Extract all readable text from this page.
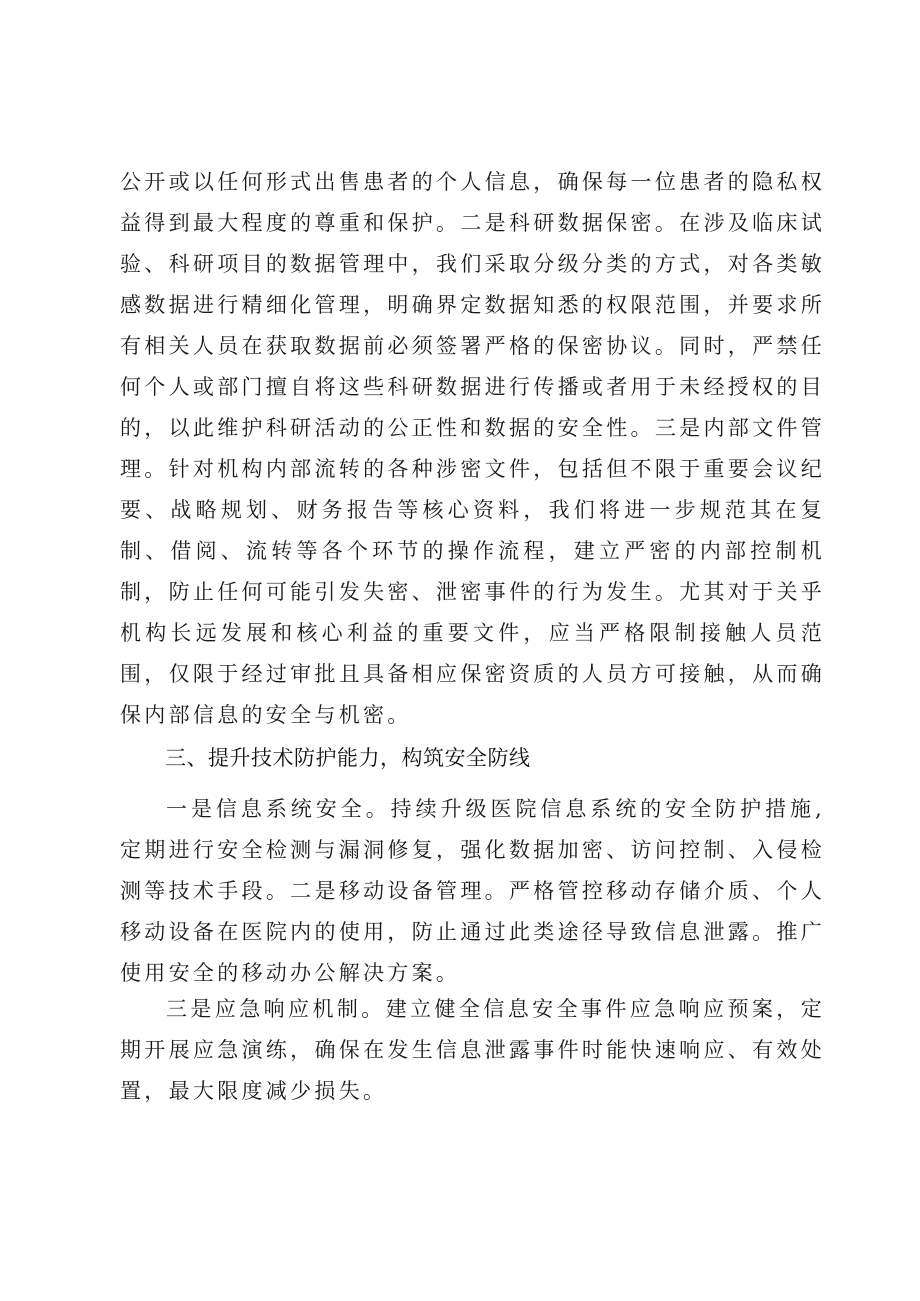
公开或以任何形式出售患者的个人信息，确保每一位患者的隐私权益得到最大程度的尊重和保护。二是科研数据保密。在涉及临床试验、科研项目的数据管理中，我们采取分级分类的方式，对各类敏感数据进行精细化管理，明确界定数据知悉的权限范围，并要求所有相关人员在获取数据前必须签署严格的保密协议。同时，严禁任何个人或部门擅自将这些科研数据进行传播或者用于未经授权的目的，以此维护科研活动的公正性和数据的安全性。三是内部文件管理。针对机构内部流转的各种涉密文件，包括但不限于重要会议纪要、战略规划、财务报告等核心资料，我们将进一步规范其在复制、借阅、流转等各个环节的操作流程，建立严密的内部控制机制，防止任何可能引发失密、泄密事件的行为发生。尤其对于关乎机构长远发展和核心利益的重要文件，应当严格限制接触人员范围，仅限于经过审批且具备相应保密资质的人员方可接触，从而确保内部信息的安全与机密。

三、提升技术防护能力，构筑安全防线

一是信息系统安全。持续升级医院信息系统的安全防护措施,定期进行安全检测与漏洞修复，强化数据加密、访问控制、入侵检测等技术手段。二是移动设备管理。严格管控移动存储介质、个人移动设备在医院内的使用，防止通过此类途径导致信息泄露。推广使用安全的移动办公解决方案。

三是应急响应机制。建立健全信息安全事件应急响应预案，定期开展应急演练，确保在发生信息泄露事件时能快速响应、有效处置，最大限度减少损失。
